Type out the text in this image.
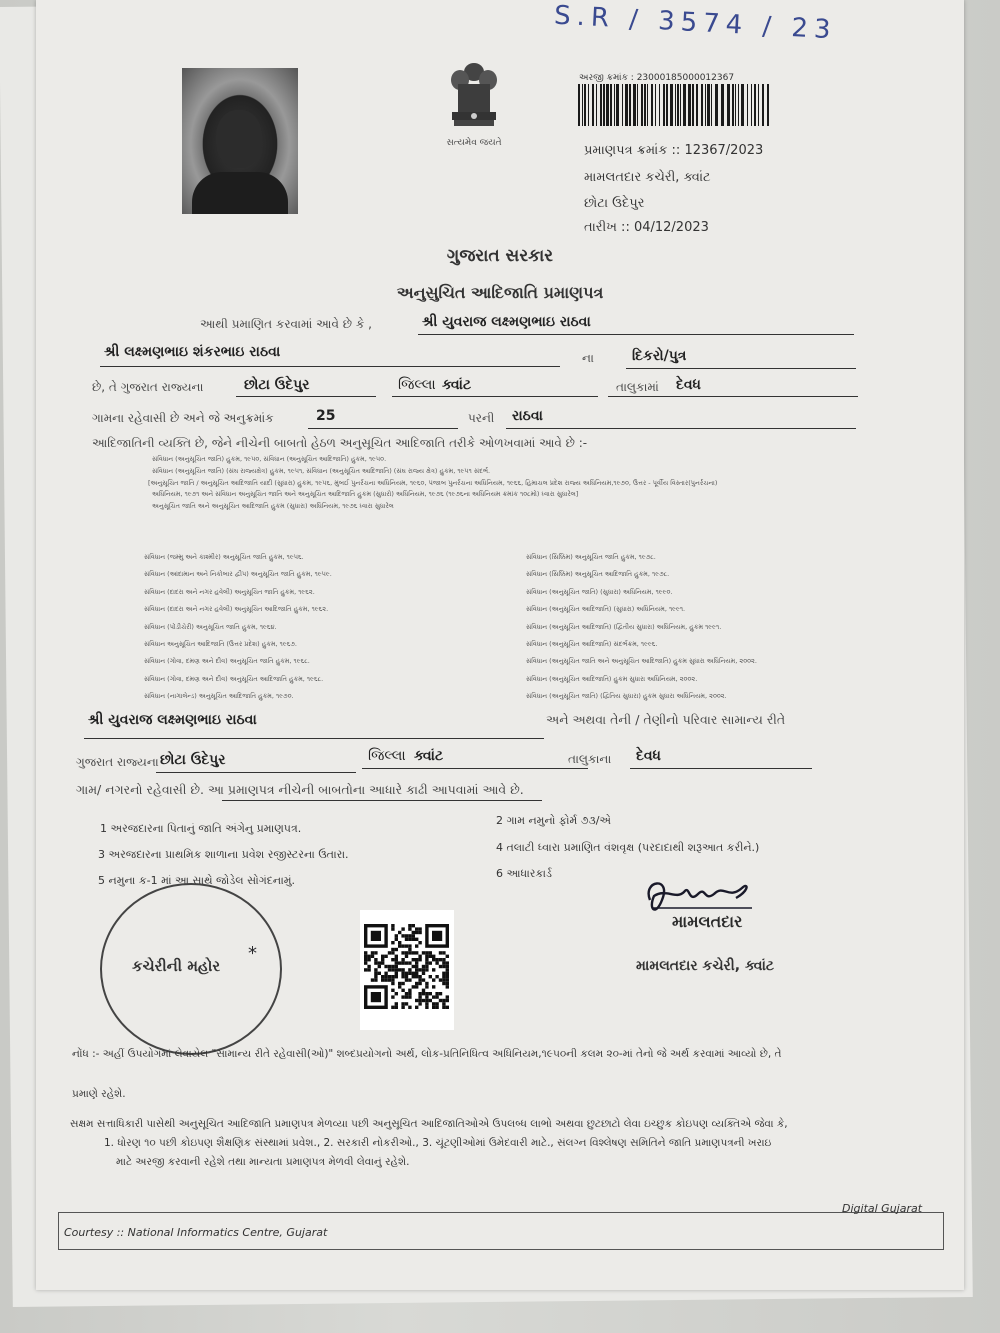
S.R / 3574 / 23
સત્યમેવ જયતે
અરજી ક્રમાંક : 23000185000012367
પ્રમાણપત્ર ક્રમાંક :: 12367/2023
મામલતદાર કચેરી, ક્વાંટ
છોટા ઉદેપુર
તારીખ :: 04/12/2023
ગુજરાત સરકાર
અનુસુચિત આદિજાતિ પ્રમાણપત્ર
આથી પ્રમાણિત કરવામાં આવે છે કે ,	શ્રી યુવરાજ લક્ષ્મણભાઇ રાઠવા
શ્રી લક્ષ્મણભાઇ શંકરભાઇ રાઠવા	ના	દિકરો/પુત્ર
છે, તે ગુજરાત રાજ્યના	છોટા ઉદેપુર	જિલ્લા ક્વાંટ	તાલુકામાં દેવધ
ગામના રહેવાસી છે અને જે અનુક્રમાંક	25	પરની રાઠવા
આદિજાતિની વ્યક્તિ છે, જેને નીચેની બાબતો હેઠળ અનુસૂચિત આદિજાતિ તરીકે ઓળખવામાં આવે છે :-
સંવિધાન (અનુસૂચિત જાતિ) હુકમ, ૧૯૫૦, સંવિધાન (અનુસૂચિત આદિજાતિ) હુકમ, ૧૯૫૦.
સંવિધાન (અનુસૂચિત જાતિ) (સંઘ રાજ્યક્ષેત્ર) હુકમ, ૧૯૫૧, સંવિધાન (અનુસૂચિત આદિજાતિ) (સંઘ રાજ્ય ક્ષેત્ર) હુકમ, ૧૯૫૧ સંદર્ભ.
[અનુસૂચિત જાતિ / અનુસૂચિત આદિજાતિ યાદી (સુધારા) હુકમ, ૧૯૫૬, મુંબઈ પુનર્રચના અધિનિયમ, ૧૯૬૦, પંજાબ પુનર્રચના અધિનિયમ, ૧૯૬૬, હિમાચલ પ્રદેશ રાજ્ય અધિનિયમ,૧૯૭૦, ઉત્તર - પૂર્વીય વિસ્તાર(પુનર્રચના)
અધિનિયમ, ૧૯૭૧ અને સંવિધાન અનુસૂચિત જાતિ અને અનુસૂચિત આદિજાતિ હુકમ (સુધારો) અધિનિયમ, ૧૯૭૬ (૧૯૭૬ના અધિનિયમ ક્રમાંક ૧૦૮મો) ધ્વારા સુધારેલ]
અનુસૂચિત જાતિ અને અનુસૂચિત આદિજાતિ હુકમ (સુધારા) અધિનિયમ, ૧૯૭૬ ધ્વારા સુધારેલ
સંવિધાન (જમ્મુ અને કાશ્મીર) અનુસૂચિત જાતિ હુકમ, ૧૯૫૬.
સંવિધાન (આંદામાન અને નિકોબાર દ્વીપ) અનુસૂચિત જાતિ હુકમ, ૧૯૫૯.
સંવિધાન (દાદરા અને નગર હવેલી) અનુસૂચિત જાતિ હુકમ, ૧૯૬૨.
સંવિધાન (દાદરા અને નગર હવેલી) અનુસૂચિત આદિજાતિ હુકમ, ૧૯૬૨.
સંવિધાન (પોંડીચેરી) અનુસૂચિત જાતિ હુકમ, ૧૯૬૪.
સંવિધાન અનુસૂચિત આદિજાતિ (ઉત્તર પ્રદેશ) હુકમ, ૧૯૬૭.
સંવિધાન (ગોવા, દમણ અને દીવ) અનુસૂચિત જાતિ હુકમ, ૧૯૬૮.
સંવિધાન (ગોવા, દમણ અને દીવ) અનુસૂચિત આદિજાતિ હુકમ, ૧૯૬૮.
સંવિધાન (નાગાલેન્ડ) અનુસૂચિત આદિજાતિ હુકમ, ૧૯૭૦.
સંવિધાન (સિક્કિમ) અનુસૂચિત જાતિ હુકમ, ૧૯૭૮.
સંવિધાન (સિક્કિમ) અનુસૂચિત આદિજાતિ હુકમ, ૧૯૭૮.
સંવિધાન (અનુસૂચિત જાતિ) (સુધારા) અધિનિયમ, ૧૯૯૦.
સંવિધાન (અનુસૂચિત આદિજાતિ) (સુધારા) અધિનિયમ, ૧૯૯૧.
સંવિધાન (અનુસૂચિત આદિજાતિ) (દ્વિતીય સુધારા) અધિનિયમ, હુકમ ૧૯૯૧.
સંવિધાન (અનુસૂચિત આદિજાતિ) સંદર્ભક્રમ, ૧૯૯૬.
સંવિધાન (અનુસૂચિત જાતિ અને અનુસૂચિત આદિજાતિ) હુકમ સુધારા અધિનિયમ, ૨૦૦૨.
સંવિધાન (અનુસૂચિત આદિજાતિ) હુકમ સુધારા અધિનિયમ, ૨૦૦૨.
સંવિધાન (અનુસૂચિત જાતિ) (દ્વિતિય સુધારા) હુકમ સુધારા અધિનિયમ, ૨૦૦૨.
શ્રી યુવરાજ લક્ષ્મણભાઇ રાઠવા	અને અથવા તેની / તેણીનો પરિવાર સામાન્ય રીતે
ગુજરાત રાજ્યના છોટા ઉદેપુર	જિલ્લા ક્વાંટ	તાલુકાના દેવધ
ગામ/ નગરનો રહેવાસી છે. આ પ્રમાણપત્ર નીચેની બાબતોના આધારે કાઢી આપવામાં આવે છે.
1 અરજદારના પિતાનું જાતિ અંગેનુ પ્રમાણપત્ર.
2 ગામ નમુનો ફોર્મ ૭૩/એ
3 અરજદારના પ્રાથમિક શાળાના પ્રવેશ રજીસ્ટરના ઉતારા.
4 તલાટી ધ્વારા પ્રમાણિત વંશવૃક્ષ (પરદાદાથી શરૂઆત કરીને.)
5 નમુના ક-1 માં આ સાથે જોડેલ સોગંદનામું.
6 આધારકાર્ડ
કચેરીની મહોર
*
મામલતદાર
મામલતદાર કચેરી, ક્વાંટ
નોંધ :- અહીં ઉપયોગમાં લેવાયેલ "સામાન્ય રીતે રહેવાસી(ઓ)" શબ્દપ્રયોગનો અર્થ, લોક-પ્રતિનિધિત્વ અધિનિયમ,૧૯૫૦ની કલમ ૨૦-માં તેનો જે અર્થ કરવામાં આવ્યો છે, તે
પ્રમાણે રહેશે.
સક્ષમ સત્તાધિકારી પાસેથી અનુસૂચિત આદિજાતિ પ્રમાણપત્ર મેળવ્યા પછી અનુસૂચિત આદિજાતિઓએ ઉપલબ્ધ લાભો અથવા છુટછાટો લેવા ઇચ્છુક કોઇપણ વ્યક્તિએ જેવા કે,
1. ધોરણ ૧૦ પછી કોઇપણ શૈક્ષણિક સંસ્થામાં પ્રવેશ., 2. સરકારી નોકરીઓ., 3. ચૂંટણીઓમાં ઉમેદવારી માટે., સંલગ્ન વિશ્લેષણ સમિતિને જાતિ પ્રમાણપત્રની ખરાઇ
માટે અરજી કરવાની રહેશે તથા માન્યતા પ્રમાણપત્ર મેળવી લેવાનું રહેશે.
Digital Gujarat
Courtesy :: National Informatics Centre, Gujarat
